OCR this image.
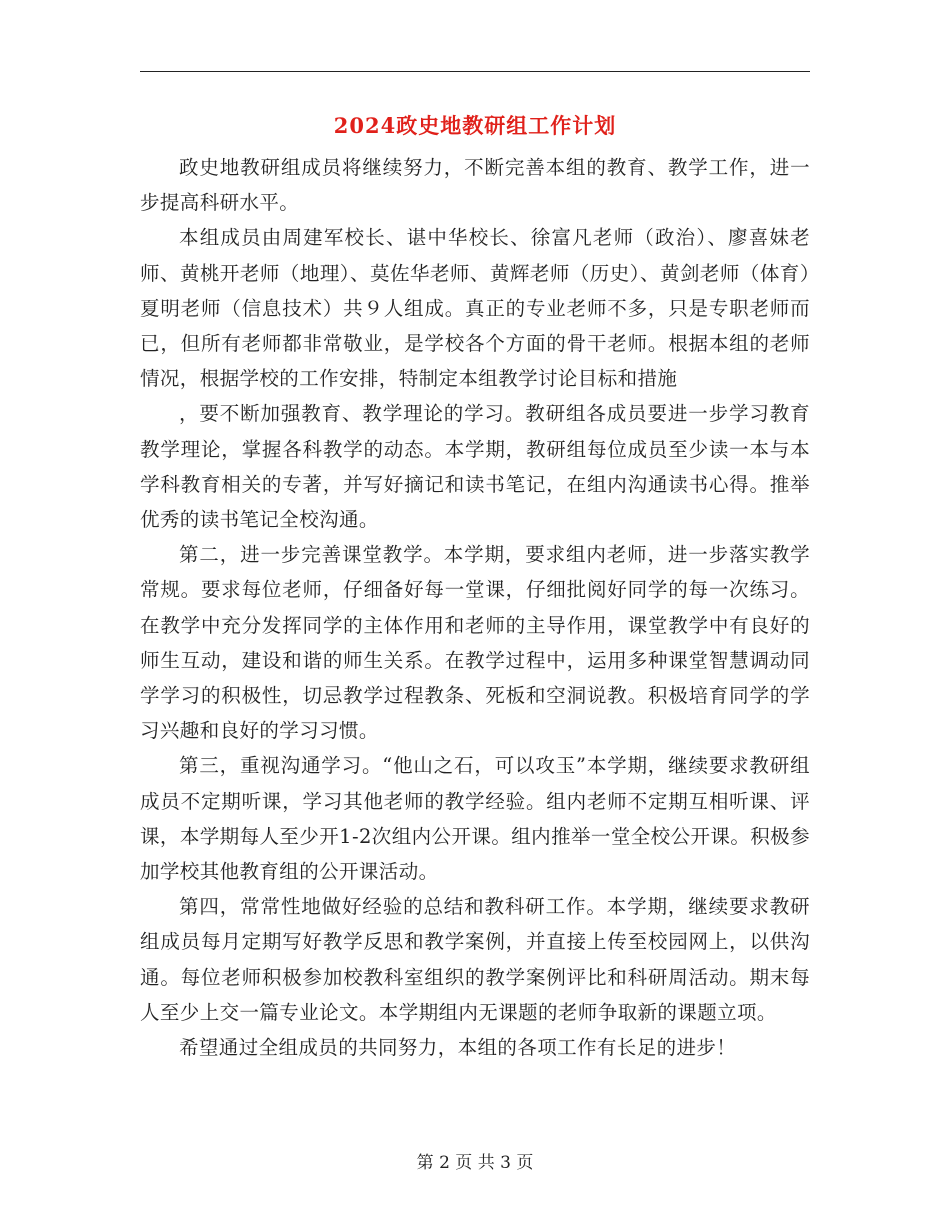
2024政史地教研组工作计划

政史地教研组成员将继续努力，不断完善本组的教育、教学工作，进一步提高科研水平。

本组成员由周建军校长、谌中华校长、徐富凡老师（政治）、廖喜妹老师、黄桃开老师（地理）、莫佐华老师、黄辉老师（历史）、黄剑老师（体育）夏明老师（信息技术）共９人组成。真正的专业老师不多，只是专职老师而已，但所有老师都非常敬业，是学校各个方面的骨干老师。根据本组的老师情况，根据学校的工作安排，特制定本组教学讨论目标和措施

，要不断加强教育、教学理论的学习。教研组各成员要进一步学习教育教学理论，掌握各科教学的动态。本学期，教研组每位成员至少读一本与本学科教育相关的专著，并写好摘记和读书笔记，在组内沟通读书心得。推举优秀的读书笔记全校沟通。

第二，进一步完善课堂教学。本学期，要求组内老师，进一步落实教学常规。要求每位老师，仔细备好每一堂课，仔细批阅好同学的每一次练习。在教学中充分发挥同学的主体作用和老师的主导作用，课堂教学中有良好的师生互动，建设和谐的师生关系。在教学过程中，运用多种课堂智慧调动同学学习的积极性，切忌教学过程教条、死板和空洞说教。积极培育同学的学习兴趣和良好的学习习惯。

第三，重视沟通学习。“他山之石，可以攻玉”本学期，继续要求教研组成员不定期听课，学习其他老师的教学经验。组内老师不定期互相听课、评课，本学期每人至少开1-2次组内公开课。组内推举一堂全校公开课。积极参加学校其他教育组的公开课活动。

第四，常常性地做好经验的总结和教科研工作。本学期，继续要求教研组成员每月定期写好教学反思和教学案例，并直接上传至校园网上，以供沟通。每位老师积极参加校教科室组织的教学案例评比和科研周活动。期末每人至少上交一篇专业论文。本学期组内无课题的老师争取新的课题立项。

希望通过全组成员的共同努力，本组的各项工作有长足的进步！

第 2 页 共 3 页
